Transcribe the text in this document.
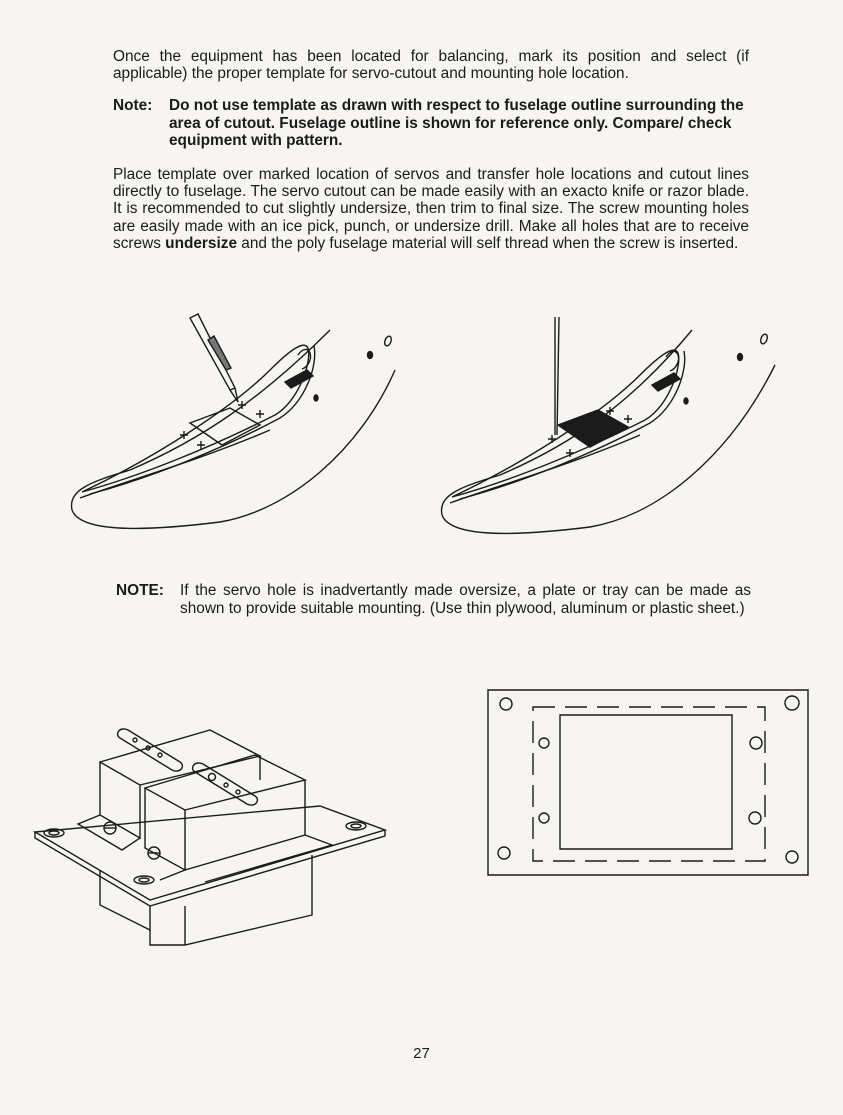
Once the equipment has been located for balancing, mark its position and select (if applicable) the proper template for servo-cutout and mounting hole location.

Note: Do not use template as drawn with respect to fuselage outline surrounding the area of cutout. Fuselage outline is shown for reference only. Compare/ check equipment with pattern.

Place template over marked location of servos and transfer hole locations and cutout lines directly to fuselage. The servo cutout can be made easily with an exacto knife or razor blade. It is recommended to cut slightly undersize, then trim to final size. The screw mounting holes are easily made with an ice pick, punch, or undersize drill. Make all holes that are to receive screws undersize and the poly fuselage material will self thread when the screw is inserted.

NOTE: If the servo hole is inadvertantly made oversize, a plate or tray can be made as shown to provide suitable mounting. (Use thin plywood, aluminum or plastic sheet.)

27
